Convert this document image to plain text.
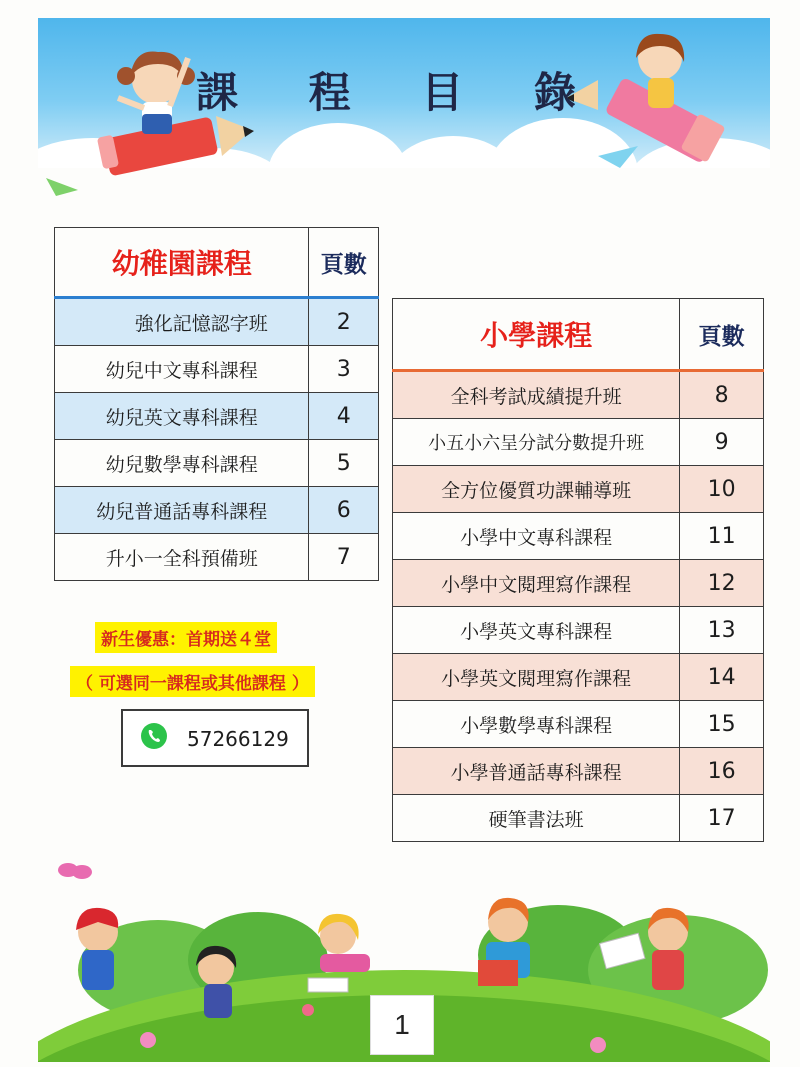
課 程 目 錄
幼稚園課程	頁數
強化記憶認字班	2
幼兒中文專科課程	3
幼兒英文專科課程	4
幼兒數學專科課程	5
幼兒普通話專科課程	6
升小一全科預備班	7
小學課程	頁數
全科考試成績提升班	8
小五小六呈分試分數提升班	9
全方位優質功課輔導班	10
小學中文專科課程	11
小學中文閱理寫作課程	12
小學英文專科課程	13
小學英文閱理寫作課程	14
小學數學專科課程	15
小學普通話專科課程	16
硬筆書法班	17
新生優惠：首期送４堂
（ 可選同一課程或其他課程 ）
57266129
1
